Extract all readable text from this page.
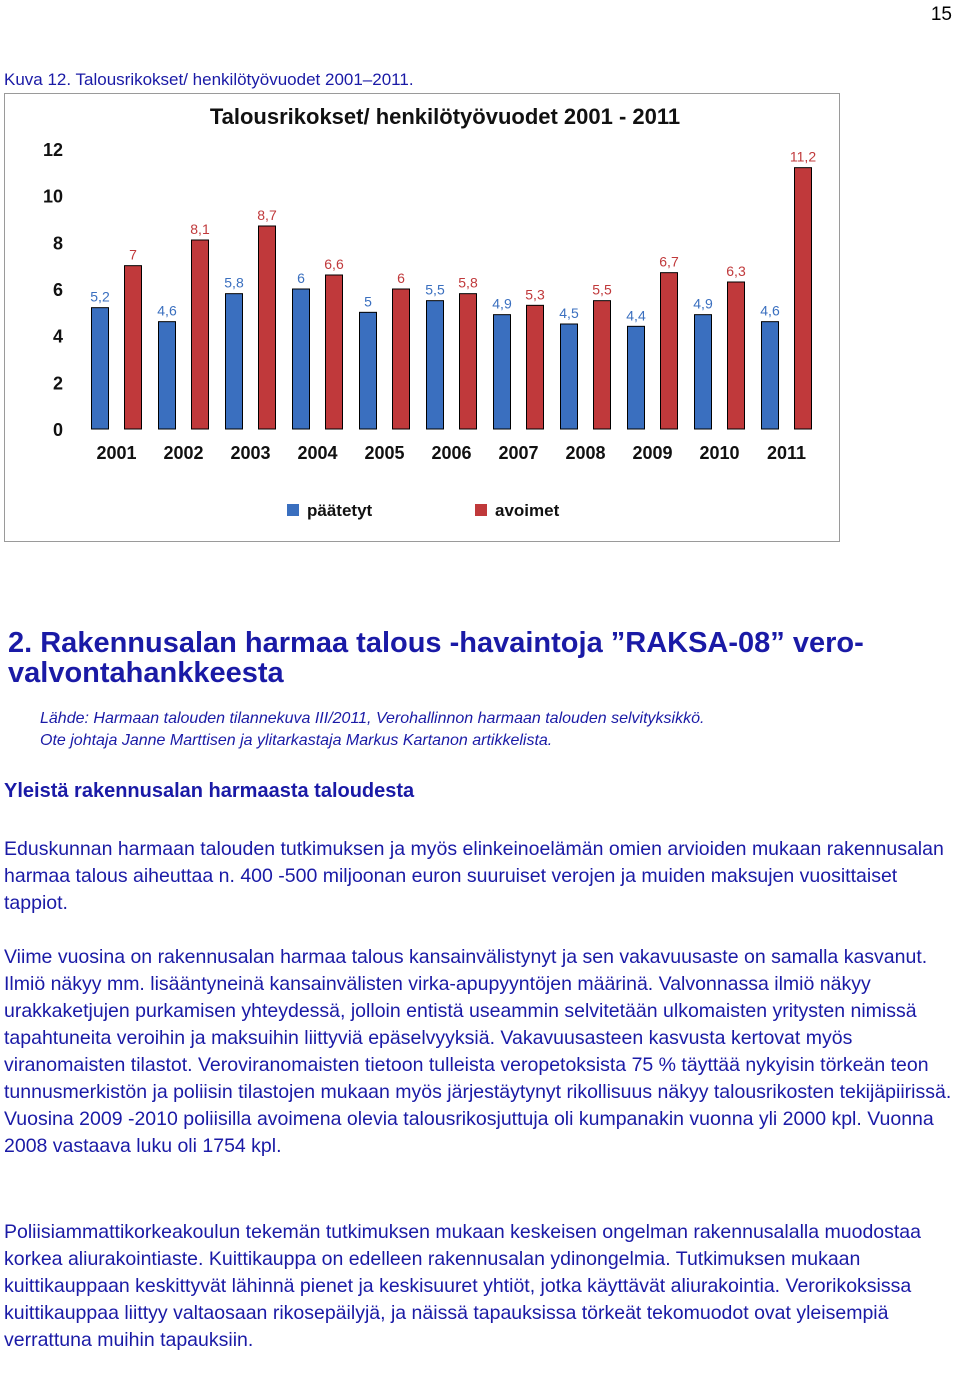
15
Kuva 12. Talousrikokset/ henkilötyövuodet 2001–2011.
Talousrikokset/ henkilötyövuodet 2001 - 2011
0
2
4
6
8
10
12
5,2
7
2001
4,6
8,1
2002
5,8
8,7
2003
6
6,6
2004
5
6
2005
5,5 5,8
2006
4,9
5,3
2007
4,5
5,5
2008
4,4
6,7
2009
4,9
6,3
2010
4,6
11,2
2011
päätetyt	avoimet
2. Rakennusalan harmaa talous -havaintoja ”RAKSA-08” verovalvontahankkeesta
Lähde: Harmaan talouden tilannekuva III/2011, Verohallinnon harmaan talouden selvityksikkö.
Ote johtaja Janne Marttisen ja ylitarkastaja Markus Kartanon artikkelista.
Yleistä rakennusalan harmaasta taloudesta

Eduskunnan harmaan talouden tutkimuksen ja myös elinkeinoelämän omien arvioiden mukaan rakennusalan harmaa talous aiheuttaa n. 400 -500 miljoonan euron suuruiset verojen ja muiden maksujen vuosittaiset tappiot.

Viime vuosina on rakennusalan harmaa talous kansainvälistynyt ja sen vakavuusaste on samalla kasvanut. Ilmiö näkyy mm. lisääntyneinä kansainvälisten virka-apupyyntöjen määrinä. Valvonnassa ilmiö näkyy urakkaketjujen purkamisen yhteydessä, jolloin entistä useammin selvitetään ulkomaisten yritysten nimissä tapahtuneita veroihin ja maksuihin liittyviä epäselvyyksiä. Vakavuusasteen kasvusta kertovat myös viranomaisten tilastot. Veroviranomaisten tietoon tulleista veropetoksista 75 % täyttää nykyisin törkeän teon tunnusmerkistön ja poliisin tilastojen mukaan myös järjestäytynyt rikollisuus näkyy talousrikosten tekijäpiirissä. Vuosina 2009 -2010 poliisilla avoimena olevia talousrikosjuttuja oli kumpanakin vuonna yli 2000 kpl. Vuonna 2008 vastaava luku oli 1754 kpl.

Poliisiammattikorkeakoulun tekemän tutkimuksen mukaan keskeisen ongelman rakennusalalla muodostaa korkea aliurakointiaste. Kuittikauppa on edelleen rakennusalan ydinongelmia. Tutkimuksen mukaan kuittikauppaan keskittyvät lähinnä pienet ja keskisuuret yhtiöt, jotka käyttävät aliurakointia. Verorikoksissa kuittikauppaa liittyy valtaosaan rikosepäilyjä, ja näissä tapauksissa törkeät tekomuodot ovat yleisempiä verrattuna muihin tapauksiin.
